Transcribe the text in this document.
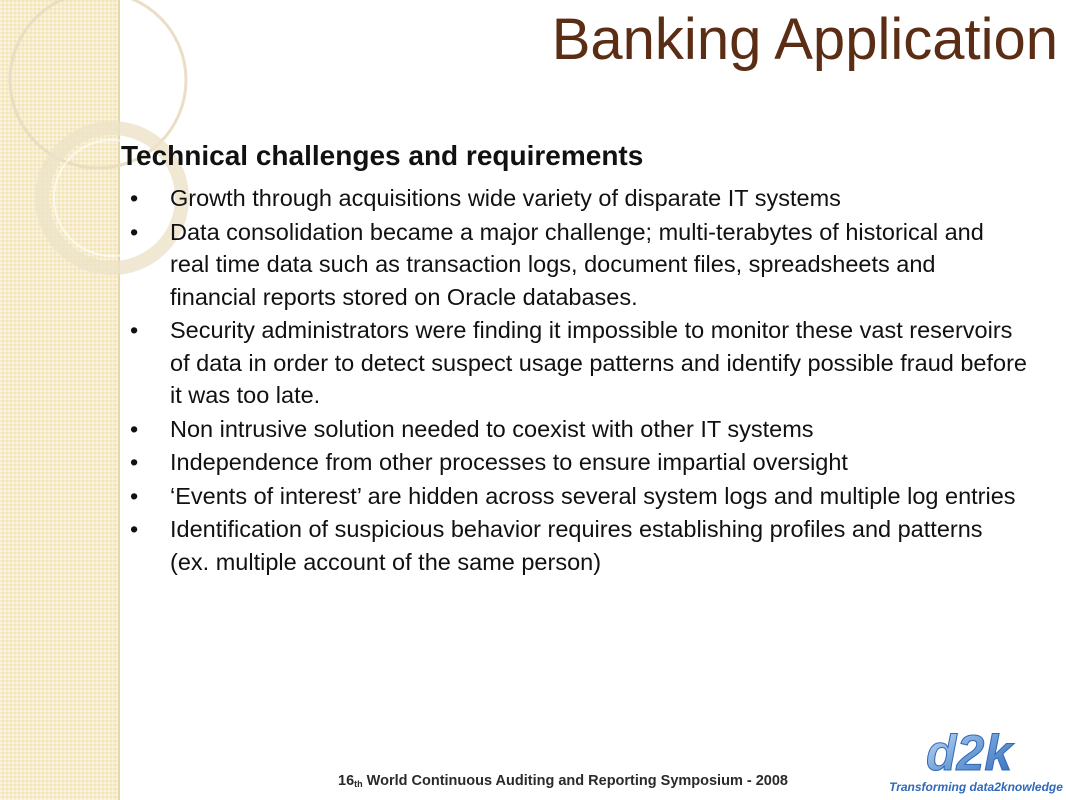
Banking Application
Technical challenges and requirements
• Growth through acquisitions wide variety of disparate IT systems
• Data consolidation became a major challenge; multi-terabytes of historical and real time data such as transaction logs, document files, spreadsheets and financial reports stored on Oracle databases.
• Security administrators were finding it impossible to monitor these vast reservoirs of data in order to detect suspect usage patterns and identify possible fraud before it was too late.
• Non intrusive solution needed to coexist with other IT systems
• Independence from other processes to ensure impartial oversight
• ‘Events of interest’ are hidden across several system logs and multiple log entries
• Identification of suspicious behavior requires establishing profiles and patterns (ex. multiple account of the same person)
$16_{th}$ World Continuous Auditing and Reporting Symposium - 2008	d2k
Transforming data2knowledge
